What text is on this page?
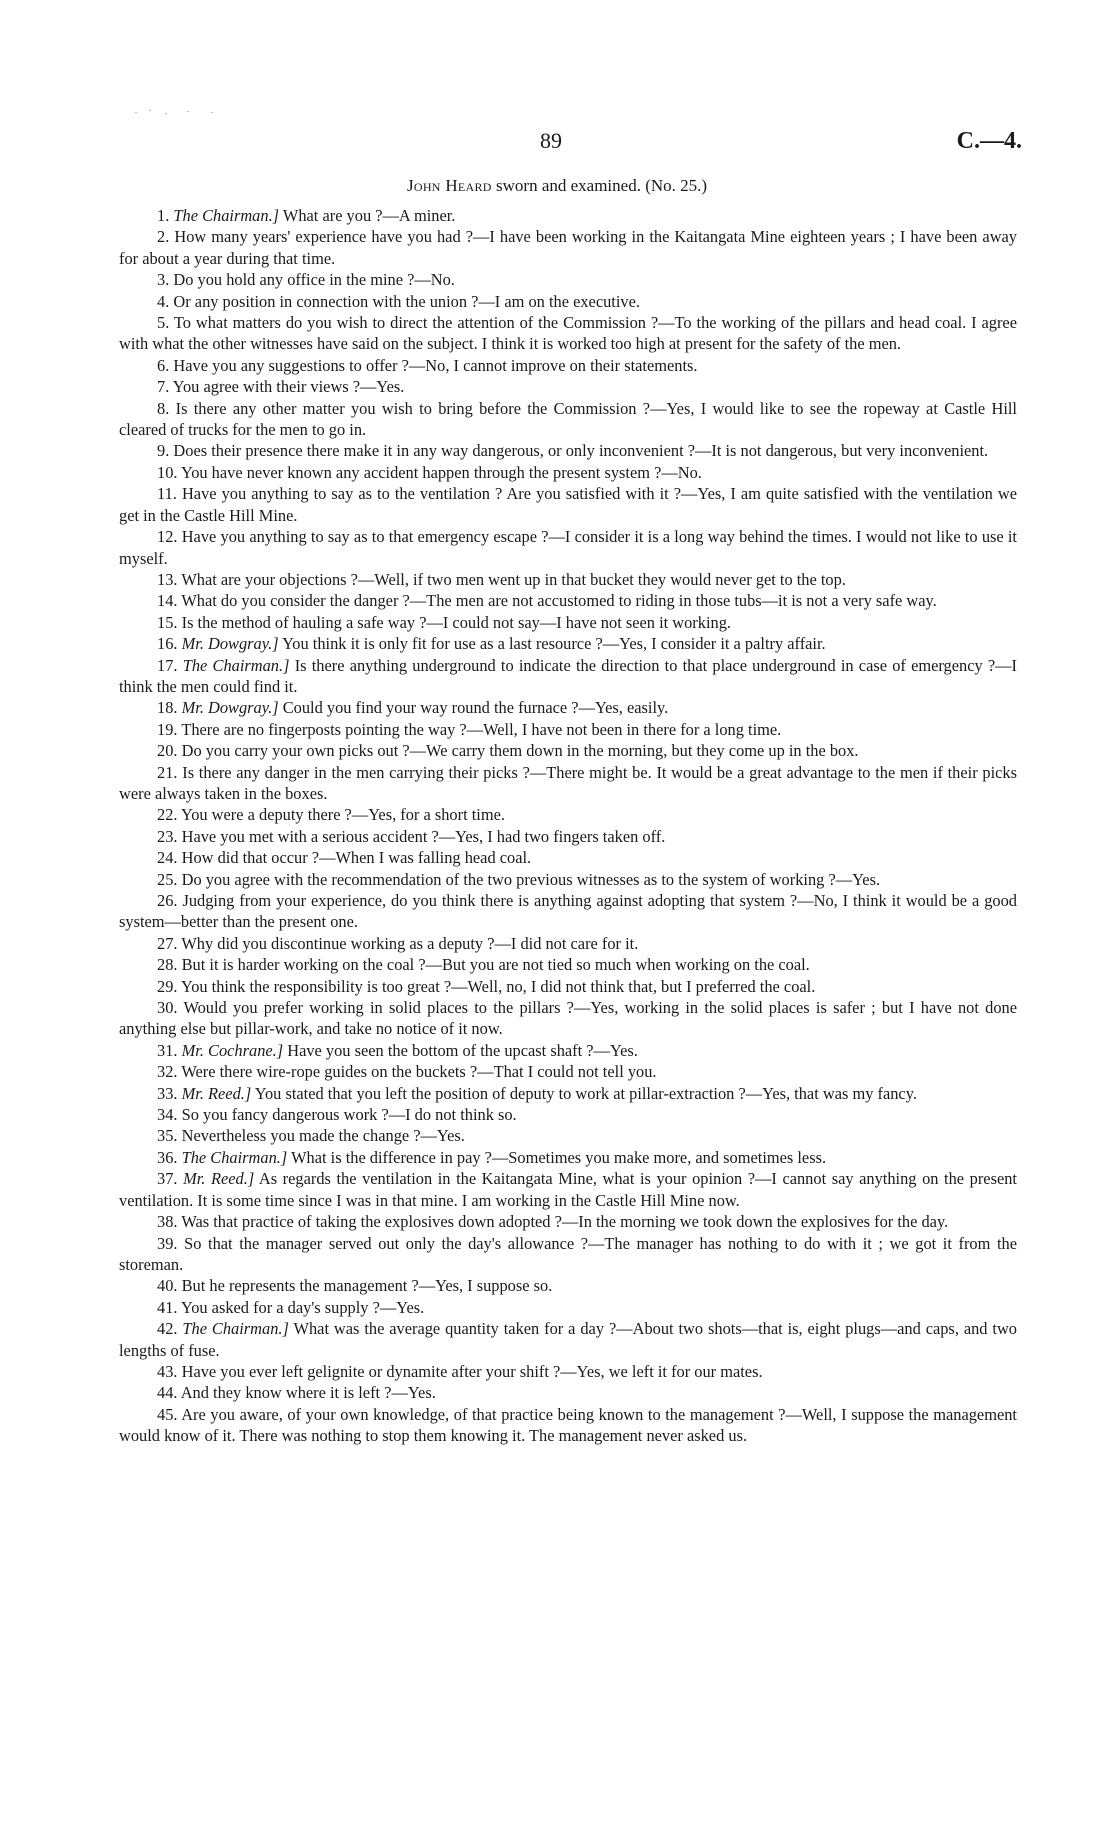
89	C.—4.
John Heard sworn and examined. (No. 25.)

1. The Chairman.] What are you ?—A miner.

2. How many years' experience have you had ?—I have been working in the Kaitangata Mine eighteen years ; I have been away for about a year during that time.

3. Do you hold any office in the mine ?—No.

4. Or any position in connection with the union ?—I am on the executive.

5. To what matters do you wish to direct the attention of the Commission ?—To the working of the pillars and head coal. I agree with what the other witnesses have said on the subject. I think it is worked too high at present for the safety of the men.

6. Have you any suggestions to offer ?—No, I cannot improve on their statements.

7. You agree with their views ?—Yes.

8. Is there any other matter you wish to bring before the Commission ?—Yes, I would like to see the ropeway at Castle Hill cleared of trucks for the men to go in.

9. Does their presence there make it in any way dangerous, or only inconvenient ?—It is not dangerous, but very inconvenient.

10. You have never known any accident happen through the present system ?—No.

11. Have you anything to say as to the ventilation ? Are you satisfied with it ?—Yes, I am quite satisfied with the ventilation we get in the Castle Hill Mine.

12. Have you anything to say as to that emergency escape ?—I consider it is a long way behind the times. I would not like to use it myself.

13. What are your objections ?—Well, if two men went up in that bucket they would never get to the top.

14. What do you consider the danger ?—The men are not accustomed to riding in those tubs—it is not a very safe way.

15. Is the method of hauling a safe way ?—I could not say—I have not seen it working.

16. Mr. Dowgray.] You think it is only fit for use as a last resource ?—Yes, I consider it a paltry affair.

17. The Chairman.] Is there anything underground to indicate the direction to that place underground in case of emergency ?—I think the men could find it.

18. Mr. Dowgray.] Could you find your way round the furnace ?—Yes, easily.

19. There are no fingerposts pointing the way ?—Well, I have not been in there for a long time.

20. Do you carry your own picks out ?—We carry them down in the morning, but they come up in the box.

21. Is there any danger in the men carrying their picks ?—There might be. It would be a great advantage to the men if their picks were always taken in the boxes.

22. You were a deputy there ?—Yes, for a short time.

23. Have you met with a serious accident ?—Yes, I had two fingers taken off.

24. How did that occur ?—When I was falling head coal.

25. Do you agree with the recommendation of the two previous witnesses as to the system of working ?—Yes.

26. Judging from your experience, do you think there is anything against adopting that system ?—No, I think it would be a good system—better than the present one.

27. Why did you discontinue working as a deputy ?—I did not care for it.

28. But it is harder working on the coal ?—But you are not tied so much when working on the coal.

29. You think the responsibility is too great ?—Well, no, I did not think that, but I preferred the coal.

30. Would you prefer working in solid places to the pillars ?—Yes, working in the solid places is safer ; but I have not done anything else but pillar-work, and take no notice of it now.

31. Mr. Cochrane.] Have you seen the bottom of the upcast shaft ?—Yes.

32. Were there wire-rope guides on the buckets ?—That I could not tell you.

33. Mr. Reed.] You stated that you left the position of deputy to work at pillar-extraction ?—Yes, that was my fancy.

34. So you fancy dangerous work ?—I do not think so.

35. Nevertheless you made the change ?—Yes.

36. The Chairman.] What is the difference in pay ?—Sometimes you make more, and sometimes less.

37. Mr. Reed.] As regards the ventilation in the Kaitangata Mine, what is your opinion ?—I cannot say anything on the present ventilation. It is some time since I was in that mine. I am working in the Castle Hill Mine now.

38. Was that practice of taking the explosives down adopted ?—In the morning we took down the explosives for the day.

39. So that the manager served out only the day's allowance ?—The manager has nothing to do with it ; we got it from the storeman.

40. But he represents the management ?—Yes, I suppose so.

41. You asked for a day's supply ?—Yes.

42. The Chairman.] What was the average quantity taken for a day ?—About two shots—that is, eight plugs—and caps, and two lengths of fuse.

43. Have you ever left gelignite or dynamite after your shift ?—Yes, we left it for our mates.

44. And they know where it is left ?—Yes.

45. Are you aware, of your own knowledge, of that practice being known to the management ?—Well, I suppose the management would know of it. There was nothing to stop them knowing it. The management never asked us.
